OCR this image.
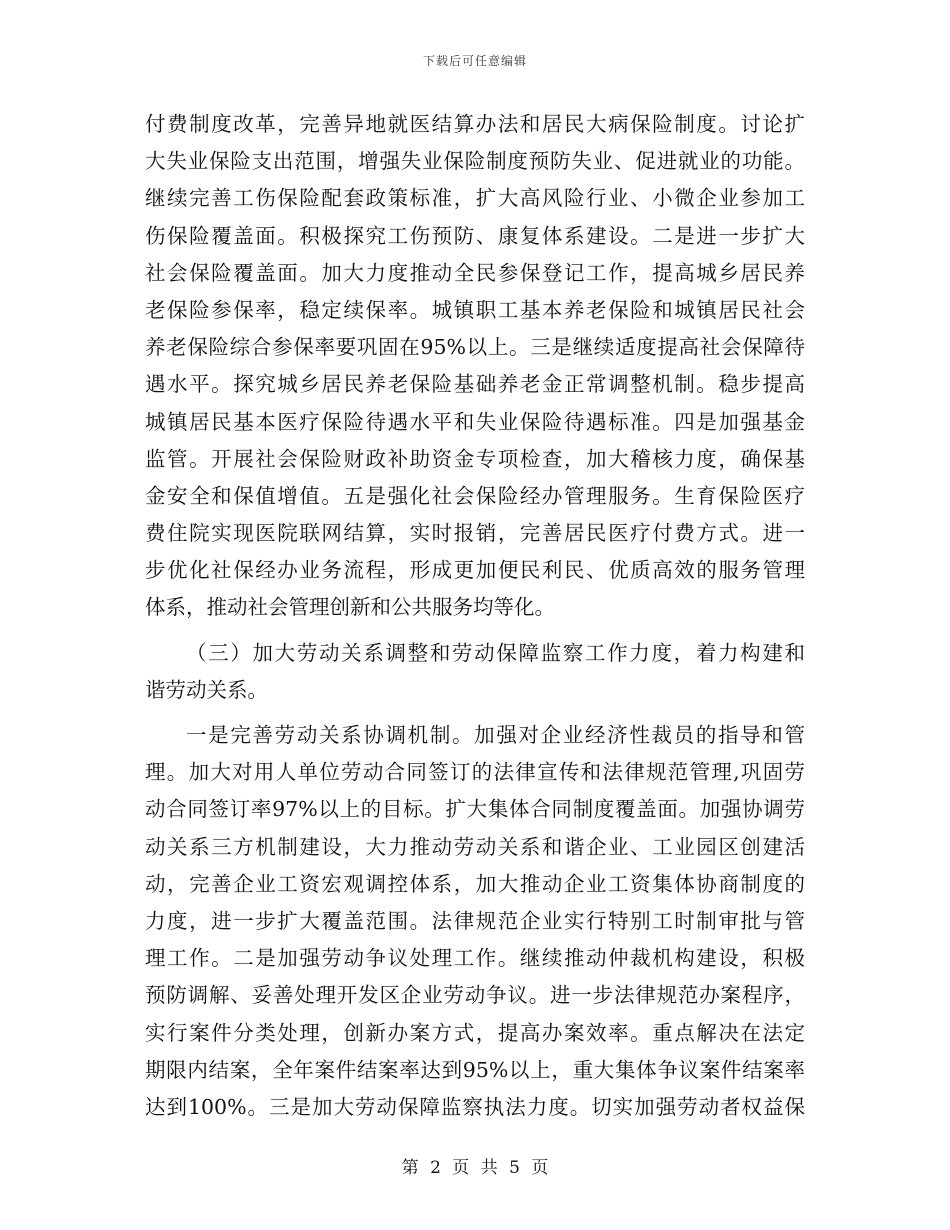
下载后可任意编辑
付费制度改革，完善异地就医结算办法和居民大病保险制度。讨论扩
大失业保险支出范围，增强失业保险制度预防失业、促进就业的功能。
继续完善工伤保险配套政策标准，扩大高风险行业、小微企业参加工
伤保险覆盖面。积极探究工伤预防、康复体系建设。二是进一步扩大
社会保险覆盖面。加大力度推动全民参保登记工作，提高城乡居民养
老保险参保率，稳定续保率。城镇职工基本养老保险和城镇居民社会
养老保险综合参保率要巩固在95%以上。三是继续适度提高社会保障待
遇水平。探究城乡居民养老保险基础养老金正常调整机制。稳步提高
城镇居民基本医疗保险待遇水平和失业保险待遇标准。四是加强基金
监管。开展社会保险财政补助资金专项检查，加大稽核力度，确保基
金安全和保值增值。五是强化社会保险经办管理服务。生育保险医疗
费住院实现医院联网结算，实时报销，完善居民医疗付费方式。进一
步优化社保经办业务流程，形成更加便民利民、优质高效的服务管理
体系，推动社会管理创新和公共服务均等化。
（三）加大劳动关系调整和劳动保障监察工作力度，着力构建和
谐劳动关系。
一是完善劳动关系协调机制。加强对企业经济性裁员的指导和管
理。加大对用人单位劳动合同签订的法律宣传和法律规范管理,巩固劳
动合同签订率97%以上的目标。扩大集体合同制度覆盖面。加强协调劳
动关系三方机制建设，大力推动劳动关系和谐企业、工业园区创建活
动，完善企业工资宏观调控体系，加大推动企业工资集体协商制度的
力度，进一步扩大覆盖范围。法律规范企业实行特别工时制审批与管
理工作。二是加强劳动争议处理工作。继续推动仲裁机构建设，积极
预防调解、妥善处理开发区企业劳动争议。进一步法律规范办案程序，
实行案件分类处理，创新办案方式，提高办案效率。重点解决在法定
期限内结案，全年案件结案率达到95%以上，重大集体争议案件结案率
达到100%。三是加大劳动保障监察执法力度。切实加强劳动者权益保
第 2 页 共 5 页
